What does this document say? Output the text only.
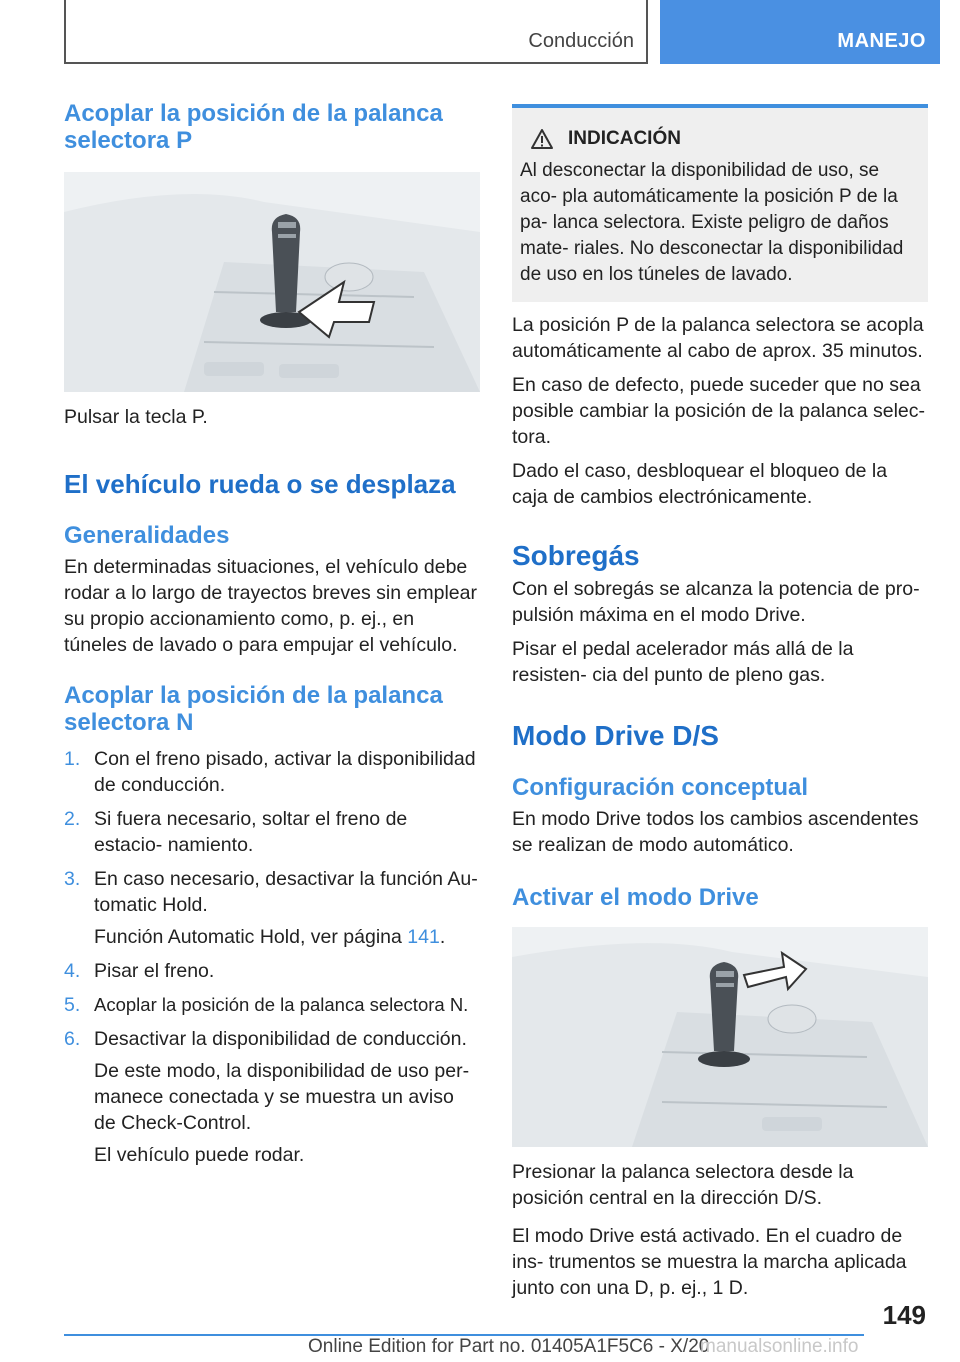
Conducción	MANEJO
Acoplar la posición de la palanca selectora P

Pulsar la tecla P.

El vehículo rueda o se desplaza
Generalidades

En determinadas situaciones, el vehículo debe rodar a lo largo de trayectos breves sin emplear su propio accionamiento como, p. ej., en túneles de lavado o para empujar el vehículo.

Acoplar la posición de la palanca selectora N
1. Con el freno pisado, activar la disponibilidad de conducción.
2. Si fuera necesario, soltar el freno de estacio‐ namiento.
3. En caso necesario, desactivar la función Au‐ tomatic Hold.
Función Automatic Hold, ver página 141.
4. Pisar el freno.
5. Acoplar la posición de la palanca selectora N.
6. Desactivar la disponibilidad de conducción.
De este modo, la disponibilidad de uso per‐ manece conectada y se muestra un aviso de Check-Control.
El vehículo puede rodar.
INDICACIÓN

Al desconectar la disponibilidad de uso, se aco‐ pla automáticamente la posición P de la pa‐ lanca selectora. Existe peligro de daños mate‐ riales. No desconectar la disponibilidad de uso en los túneles de lavado.

La posición P de la palanca selectora se acopla automáticamente al cabo de aprox. 35 minutos.

En caso de defecto, puede suceder que no sea posible cambiar la posición de la palanca selec‐ tora.

Dado el caso, desbloquear el bloqueo de la caja de cambios electrónicamente.

Sobregás

Con el sobregás se alcanza la potencia de pro‐ pulsión máxima en el modo Drive.

Pisar el pedal acelerador más allá de la resisten‐ cia del punto de pleno gas.

Modo Drive D/S
Configuración conceptual

En modo Drive todos los cambios ascendentes se realizan de modo automático.

Activar el modo Drive

Presionar la palanca selectora desde la posición central en la dirección D/S.

El modo Drive está activado. En el cuadro de ins‐ trumentos se muestra la marcha aplicada junto con una D, p. ej., 1 D.

149
Online Edition for Part no. 01405A1F5C6 - X/20
manualsonline.info
